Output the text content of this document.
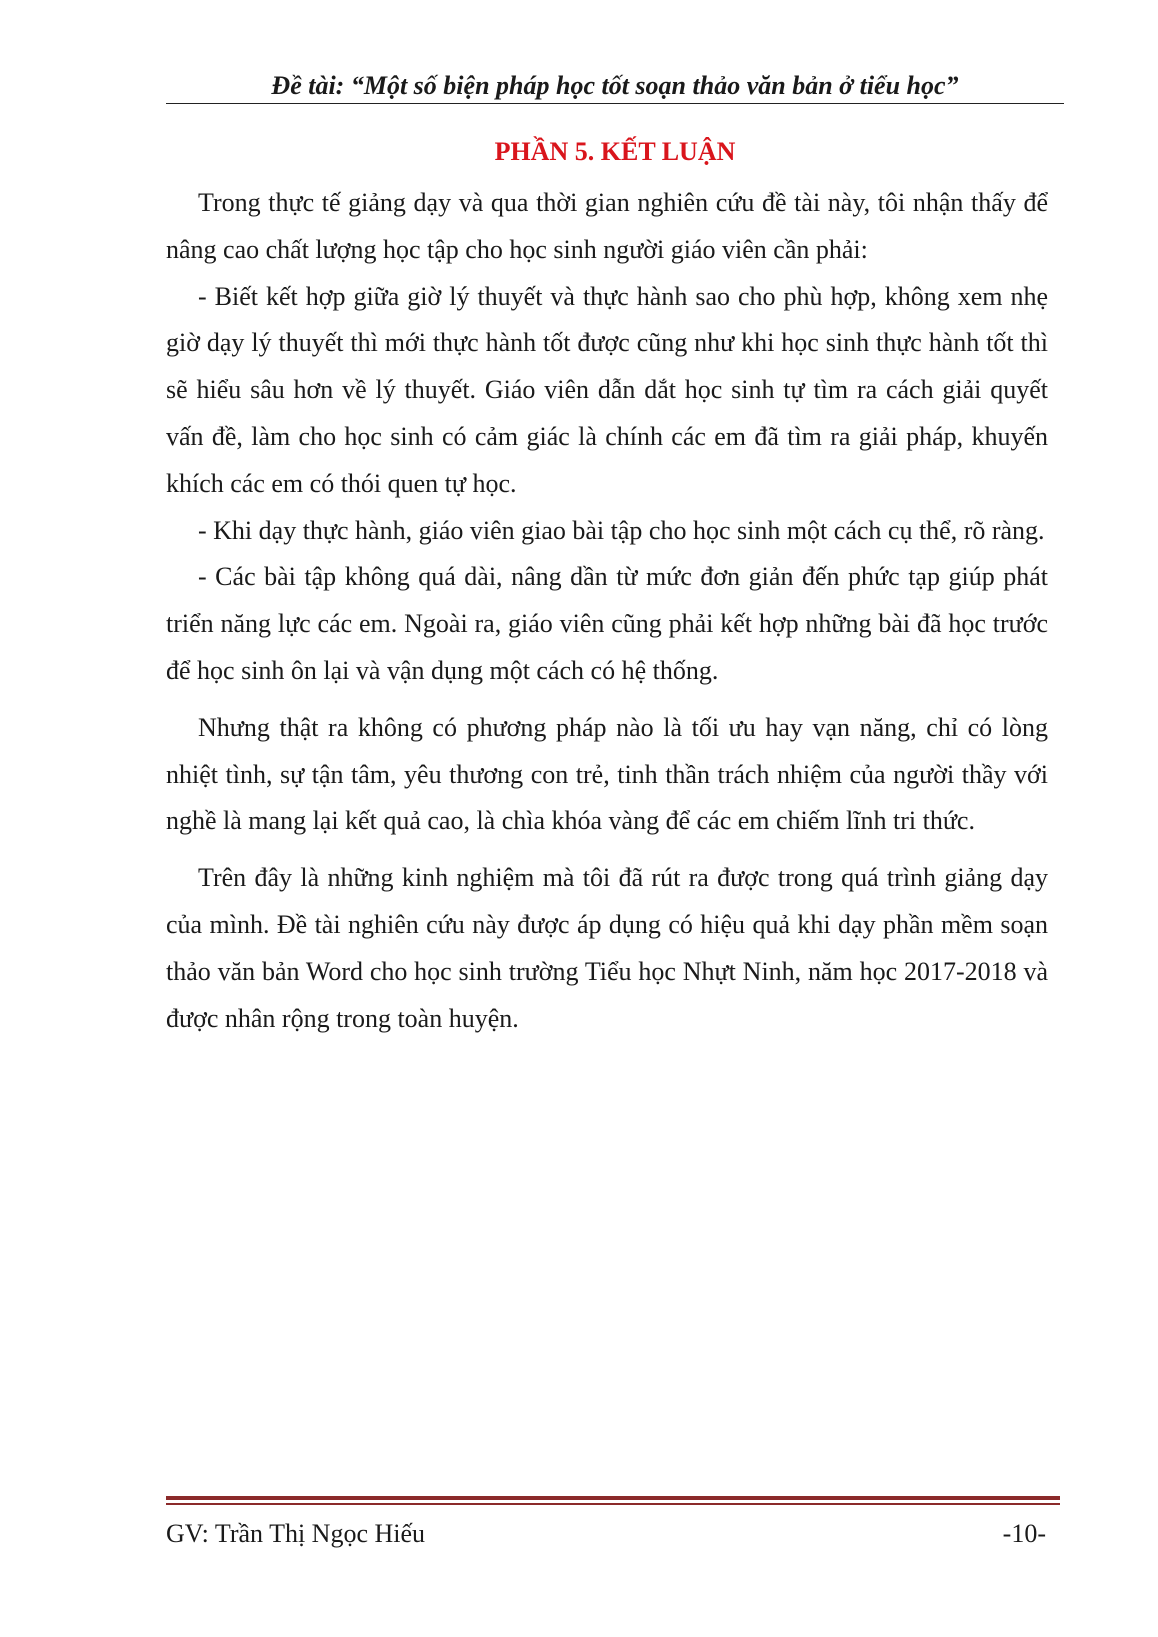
Đề tài: “Một số biện pháp học tốt soạn thảo văn bản ở tiểu học”
PHẦN 5. KẾT LUẬN

Trong thực tế giảng dạy và qua thời gian nghiên cứu đề tài này, tôi nhận thấy để nâng cao chất lượng học tập cho học sinh người giáo viên cần phải:

- Biết kết hợp giữa giờ lý thuyết và thực hành sao cho phù hợp, không xem nhẹ giờ dạy lý thuyết thì mới thực hành tốt được cũng như khi học sinh thực hành tốt thì sẽ hiểu sâu hơn về lý thuyết. Giáo viên dẫn dắt học sinh tự tìm ra cách giải quyết vấn đề, làm cho học sinh có cảm giác là chính các em đã tìm ra giải pháp, khuyến khích các em có thói quen tự học.

- Khi dạy thực hành, giáo viên giao bài tập cho học sinh một cách cụ thể, rõ ràng.

- Các bài tập không quá dài, nâng dần từ mức đơn giản đến phức tạp giúp phát triển năng lực các em. Ngoài ra, giáo viên cũng phải kết hợp những bài đã học trước để học sinh ôn lại và vận dụng một cách có hệ thống.

Nhưng thật ra không có phương pháp nào là tối ưu hay vạn năng, chỉ có lòng nhiệt tình, sự tận tâm, yêu thương con trẻ, tinh thần trách nhiệm của người thầy với nghề là mang lại kết quả cao, là chìa khóa vàng để các em chiếm lĩnh tri thức.

Trên đây là những kinh nghiệm mà tôi đã rút ra được trong quá trình giảng dạy của mình. Đề tài nghiên cứu này được áp dụng có hiệu quả khi dạy phần mềm soạn thảo văn bản Word cho học sinh trường Tiểu học Nhựt Ninh, năm học 2017-2018 và được nhân rộng trong toàn huyện.

GV: Trần Thị Ngọc Hiếu	-10-
